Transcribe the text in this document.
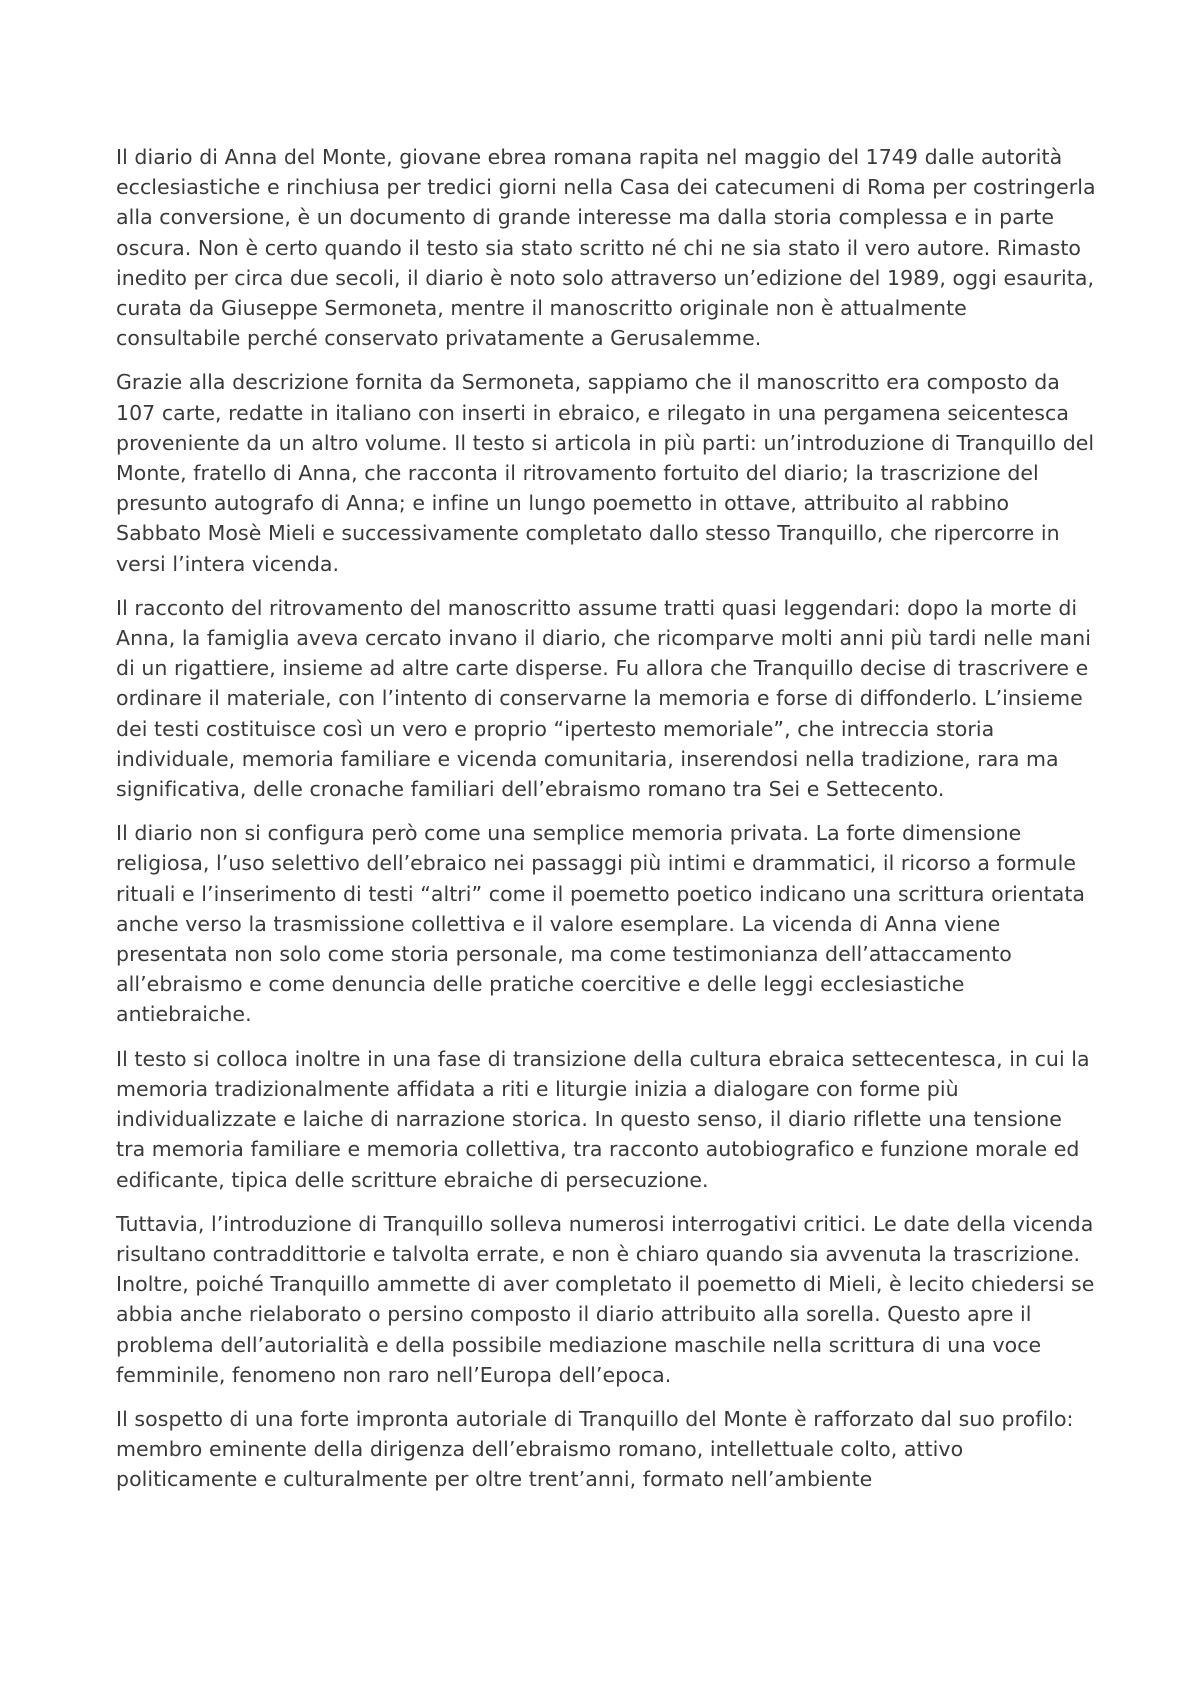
Il diario di Anna del Monte, giovane ebrea romana rapita nel maggio del 1749 dalle autorità ecclesiastiche e rinchiusa per tredici giorni nella Casa dei catecumeni di Roma per costringerla alla conversione, è un documento di grande interesse ma dalla storia complessa e in parte oscura. Non è certo quando il testo sia stato scritto né chi ne sia stato il vero autore. Rimasto inedito per circa due secoli, il diario è noto solo attraverso un’edizione del 1989, oggi esaurita, curata da Giuseppe Sermoneta, mentre il manoscritto originale non è attualmente consultabile perché conservato privatamente a Gerusalemme.

Grazie alla descrizione fornita da Sermoneta, sappiamo che il manoscritto era composto da 107 carte, redatte in italiano con inserti in ebraico, e rilegato in una pergamena seicentesca proveniente da un altro volume. Il testo si articola in più parti: un’introduzione di Tranquillo del Monte, fratello di Anna, che racconta il ritrovamento fortuito del diario; la trascrizione del presunto autografo di Anna; e infine un lungo poemetto in ottave, attribuito al rabbino Sabbato Mosè Mieli e successivamente completato dallo stesso Tranquillo, che ripercorre in versi l’intera vicenda.

Il racconto del ritrovamento del manoscritto assume tratti quasi leggendari: dopo la morte di Anna, la famiglia aveva cercato invano il diario, che ricomparve molti anni più tardi nelle mani di un rigattiere, insieme ad altre carte disperse. Fu allora che Tranquillo decise di trascrivere e ordinare il materiale, con l’intento di conservarne la memoria e forse di diffonderlo. L’insieme dei testi costituisce così un vero e proprio “ipertesto memoriale”, che intreccia storia individuale, memoria familiare e vicenda comunitaria, inserendosi nella tradizione, rara ma significativa, delle cronache familiari dell’ebraismo romano tra Sei e Settecento.

Il diario non si configura però come una semplice memoria privata. La forte dimensione religiosa, l’uso selettivo dell’ebraico nei passaggi più intimi e drammatici, il ricorso a formule rituali e l’inserimento di testi “altri” come il poemetto poetico indicano una scrittura orientata anche verso la trasmissione collettiva e il valore esemplare. La vicenda di Anna viene presentata non solo come storia personale, ma come testimonianza dell’attaccamento all’ebraismo e come denuncia delle pratiche coercitive e delle leggi ecclesiastiche antiebraiche.

Il testo si colloca inoltre in una fase di transizione della cultura ebraica settecentesca, in cui la memoria tradizionalmente affidata a riti e liturgie inizia a dialogare con forme più individualizzate e laiche di narrazione storica. In questo senso, il diario riflette una tensione tra memoria familiare e memoria collettiva, tra racconto autobiografico e funzione morale ed edificante, tipica delle scritture ebraiche di persecuzione.

Tuttavia, l’introduzione di Tranquillo solleva numerosi interrogativi critici. Le date della vicenda risultano contraddittorie e talvolta errate, e non è chiaro quando sia avvenuta la trascrizione. Inoltre, poiché Tranquillo ammette di aver completato il poemetto di Mieli, è lecito chiedersi se abbia anche rielaborato o persino composto il diario attribuito alla sorella. Questo apre il problema dell’autorialità e della possibile mediazione maschile nella scrittura di una voce femminile, fenomeno non raro nell’Europa dell’epoca.

Il sospetto di una forte impronta autoriale di Tranquillo del Monte è rafforzato dal suo profilo: membro eminente della dirigenza dell’ebraismo romano, intellettuale colto, attivo politicamente e culturalmente per oltre trent’anni, formato nell’ambiente
